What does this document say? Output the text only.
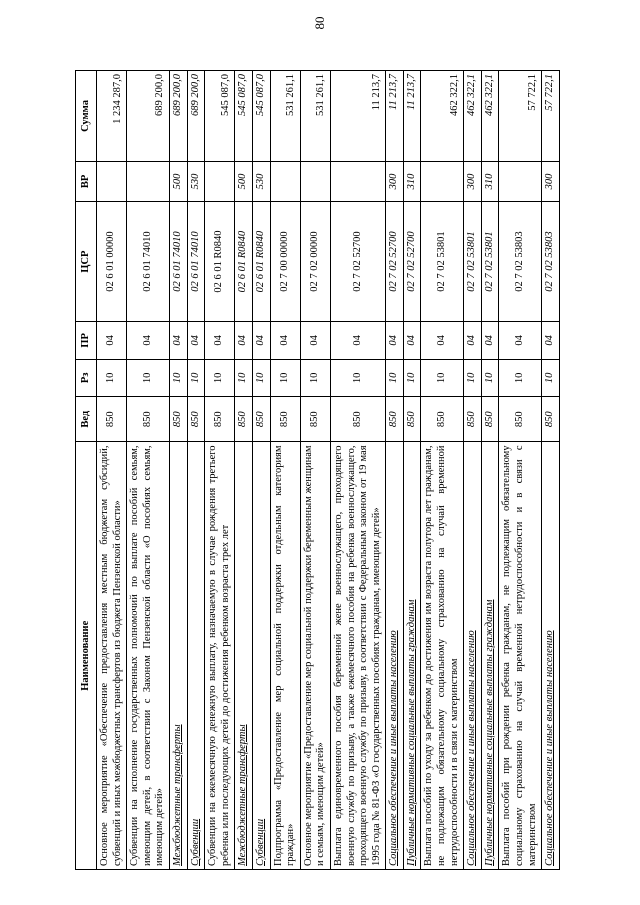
80
Наименование	Вед	Рз	ПР	ЦСР	ВР	Сумма
Основное мероприятие «Обеспечение предоставления местным бюджетам субсидий, субвенций и иных межбюджетных трансфертов из бюджета Пензенской области»	850	10	04	02 6 01 00000		1 234 287,0
Субвенции на исполнение государственных полномочий по выплате пособий семьям, имеющим детей, в соответствии с Законом Пензенской области «О пособиях семьям, имеющим детей»	850	10	04	02 6 01 74010		689 200,0
Межбюджетные трансферты	850	10	04	02 6 01 74010	500	689 200,0
Субвенции	850	10	04	02 6 01 74010	530	689 200,0
Субвенции на ежемесячную денежную выплату, назначаемую в случае рождения третьего ребенка или последующих детей до достижения ребенком возраста трех лет	850	10	04	02 6 01 R0840		545 087,0
Межбюджетные трансферты	850	10	04	02 6 01 R0840	500	545 087,0
Субвенции	850	10	04	02 6 01 R0840	530	545 087,0
Подпрограмма «Предоставление мер социальной поддержки отдельным категориям граждан»	850	10	04	02 7 00 00000		531 261,1
Основное мероприятие «Предоставление мер социальной поддержки беременным женщинам и семьям, имеющим детей»	850	10	04	02 7 02 00000		531 261,1
Выплата единовременного пособия беременной жене военнослужащего, проходящего военную службу по призыву, а также ежемесячного пособия на ребенка военнослужащего, проходящего военную службу по призыву, в соответствии с Федеральным законом от 19 мая 1995 года № 81-ФЗ «О государственных пособиях гражданам, имеющим детей»	850	10	04	02 7 02 52700		11 213,7
Социальное обеспечение и иные выплаты населению	850	10	04	02 7 02 52700	300	11 213,7
Публичные нормативные социальные выплаты гражданам	850	10	04	02 7 02 52700	310	11 213,7
Выплата пособий по уходу за ребенком до достижения им возраста полутора лет гражданам, не подлежащим обязательному социальному страхованию на случай временной нетрудоспособности и в связи с материнством	850	10	04	02 7 02 53801		462 322,1
Социальное обеспечение и иные выплаты населению	850	10	04	02 7 02 53801	300	462 322,1
Публичные нормативные социальные выплаты гражданам	850	10	04	02 7 02 53801	310	462 322,1
Выплата пособий при рождении ребенка гражданам, не подлежащим обязательному социальному страхованию на случай временной нетрудоспособности и в связи с материнством	850	10	04	02 7 02 53803		57 722,1
Социальное обеспечение и иные выплаты населению	850	10	04	02 7 02 53803	300	57 722,1
